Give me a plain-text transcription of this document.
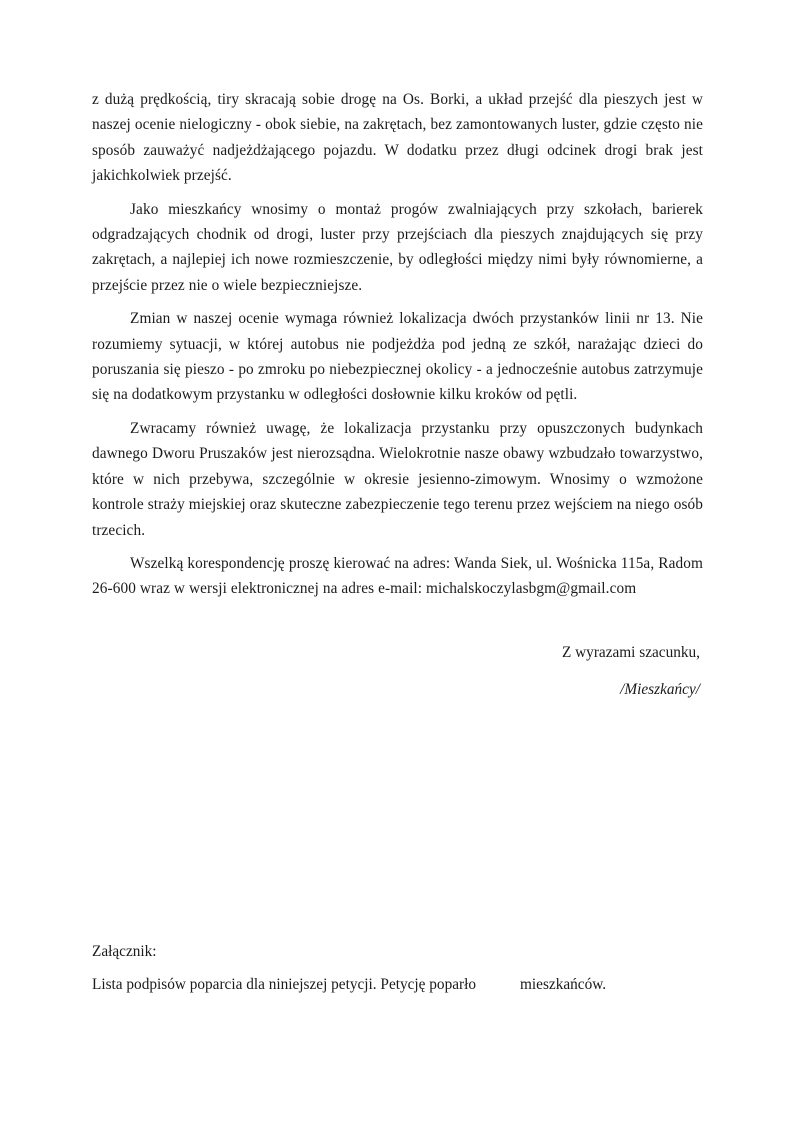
z dużą prędkością, tiry skracają sobie drogę na Os. Borki, a układ przejść dla pieszych jest w naszej ocenie nielogiczny - obok siebie, na zakrętach, bez zamontowanych luster, gdzie często nie sposób zauważyć nadjeżdżającego pojazdu. W dodatku przez długi odcinek drogi brak jest jakichkolwiek przejść.

Jako mieszkańcy wnosimy o montaż progów zwalniających przy szkołach, barierek odgradzających chodnik od drogi, luster przy przejściach dla pieszych znajdujących się przy zakrętach, a najlepiej ich nowe rozmieszczenie, by odległości między nimi były równomierne, a przejście przez nie o wiele bezpieczniejsze.

Zmian w naszej ocenie wymaga również lokalizacja dwóch przystanków linii nr 13. Nie rozumiemy sytuacji, w której autobus nie podjeżdża pod jedną ze szkół, narażając dzieci do poruszania się pieszo - po zmroku po niebezpiecznej okolicy - a jednocześnie autobus zatrzymuje się na dodatkowym przystanku w odległości dosłownie kilku kroków od pętli.

Zwracamy również uwagę, że lokalizacja przystanku przy opuszczonych budynkach dawnego Dworu Pruszaków jest nierozsądna. Wielokrotnie nasze obawy wzbudzało towarzystwo, które w nich przebywa, szczególnie w okresie jesienno-zimowym. Wnosimy o wzmożone kontrole straży miejskiej oraz skuteczne zabezpieczenie tego terenu przez wejściem na niego osób trzecich.

Wszelką korespondencję proszę kierować na adres: Wanda Siek, ul. Wośnicka 115a, Radom 26-600 wraz w wersji elektronicznej na adres e-mail: michalskoczylasbgm@gmail.com

Z wyrazami szacunku,

/Mieszkańcy/

Załącznik:

Lista podpisów poparcia dla niniejszej petycji. Petycję poparło	mieszkańców.
